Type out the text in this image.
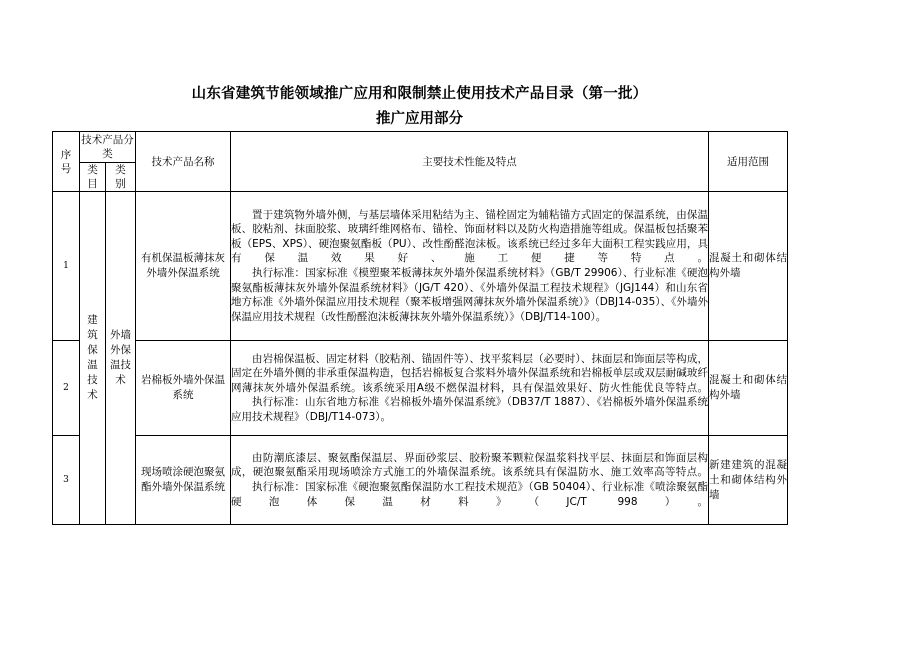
山东省建筑节能领域推广应用和限制禁止使用技术产品目录（第一批）
推广应用部分
序号	技术产品分类		技术产品名称	主要技术性能及特点	适用范围

	类目	类别			

1	建筑保温技术	外墙外保温技术	有机保温板薄抹灰外墙外保温系统	置于建筑物外墙外侧，与基层墙体采用粘结为主、锚栓固定为辅粘锚方式固定的保温系统，由保温板、胶粘剂、抹面胶浆、玻璃纤维网格布、锚栓、饰面材料以及防火构造措施等组成。保温板包括聚苯板（EPS、XPS）、硬泡聚氨酯板（PU）、改性酚醛泡沫板。该系统已经过多年大面积工程实践应用，具有保温效果好、施工便捷等特点。

执行标准：国家标准《模塑聚苯板薄抹灰外墙外保温系统材料》（GB/T 29906）、行业标准《硬泡聚氨酯板薄抹灰外墙外保温系统材料》（JG/T 420）、《外墙外保温工程技术规程》（JGJ144）和山东省地方标准《外墙外保温应用技术规程（聚苯板增强网薄抹灰外墙外保温系统）》（DBJ14-035）、《外墙外保温应用技术规程（改性酚醛泡沫板薄抹灰外墙外保温系统）》（DBJ/T14-100）。	混凝土和砌体结构外墙

2			岩棉板外墙外保温系统	由岩棉保温板、固定材料（胶粘剂、锚固件等）、找平浆料层（必要时）、抹面层和饰面层等构成，固定在外墙外侧的非承重保温构造，包括岩棉板复合浆料外墙外保温系统和岩棉板单层或双层耐碱玻纤网薄抹灰外墙外保温系统。该系统采用A级不燃保温材料，具有保温效果好、防火性能优良等特点。

执行标准：山东省地方标准《岩棉板外墙外保温系统》（DB37/T 1887）、《岩棉板外墙外保温系统应用技术规程》（DBJ/T14-073）。	混凝土和砌体结构外墙

3			现场喷涂硬泡聚氨酯外墙外保温系统	由防潮底漆层、聚氨酯保温层、界面砂浆层、胶粉聚苯颗粒保温浆料找平层、抹面层和饰面层构成，硬泡聚氨酯采用现场喷涂方式施工的外墙保温系统。该系统具有保温防水、施工效率高等特点。

执行标准：国家标准《硬泡聚氨酯保温防水工程技术规范》（GB 50404）、行业标准《喷涂聚氨酯硬泡体保温材料》（JC/T 998）。	新建建筑的混凝土和砌体结构外墙
